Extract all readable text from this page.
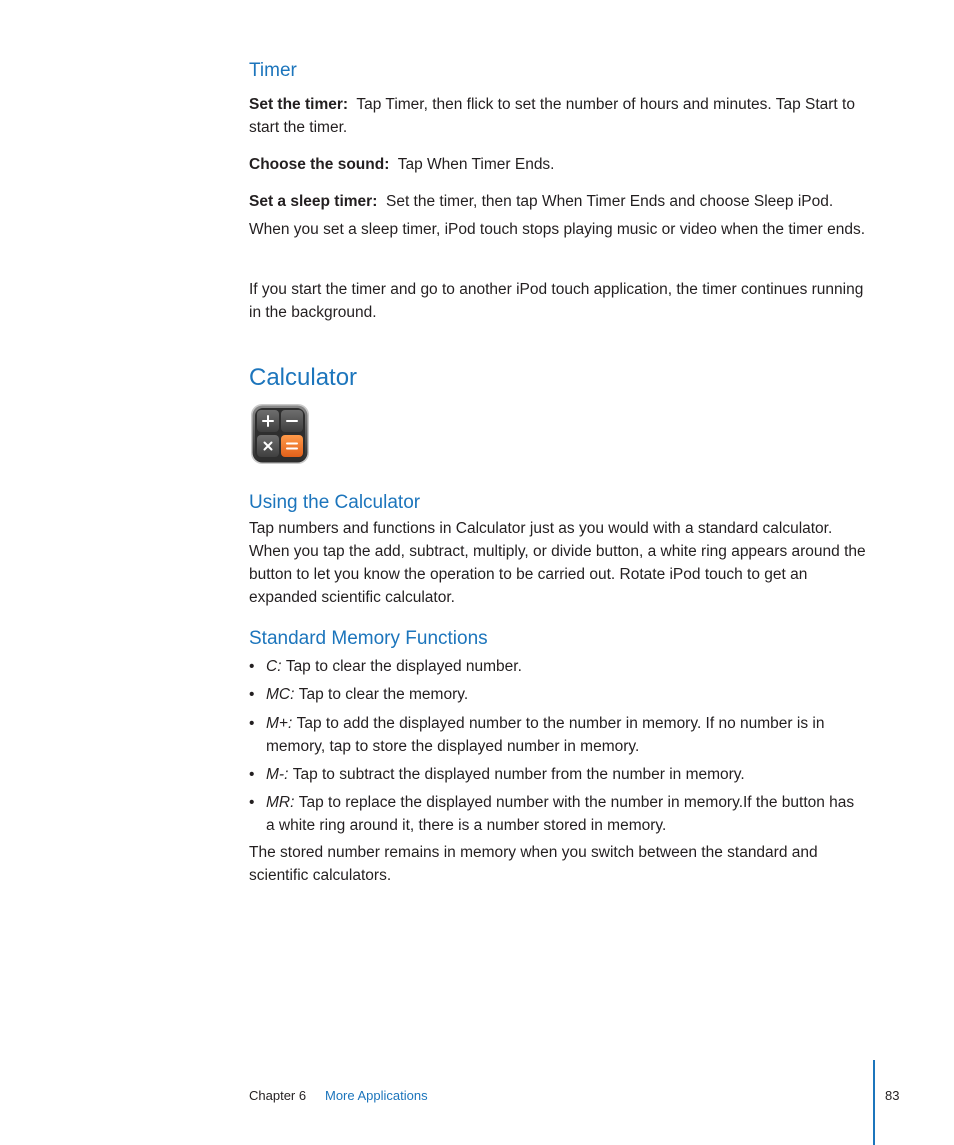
Timer

Set the timer: Tap Timer, then flick to set the number of hours and minutes. Tap Start to start the timer.

Choose the sound: Tap When Timer Ends.

Set a sleep timer: Set the timer, then tap When Timer Ends and choose Sleep iPod.

When you set a sleep timer, iPod touch stops playing music or video when the timer ends.

If you start the timer and go to another iPod touch application, the timer continues running in the background.

Calculator
Using the Calculator

Tap numbers and functions in Calculator just as you would with a standard calculator. When you tap the add, subtract, multiply, or divide button, a white ring appears around the button to let you know the operation to be carried out. Rotate iPod touch to get an expanded scientific calculator.

Standard Memory Functions
• C: Tap to clear the displayed number.
• MC: Tap to clear the memory.
• M+: Tap to add the displayed number to the number in memory. If no number is in memory, tap to store the displayed number in memory.
• M-: Tap to subtract the displayed number from the number in memory.
• MR: Tap to replace the displayed number with the number in memory.If the button has a white ring around it, there is a number stored in memory.

The stored number remains in memory when you switch between the standard and scientific calculators.

Chapter 6 More Applications	83
